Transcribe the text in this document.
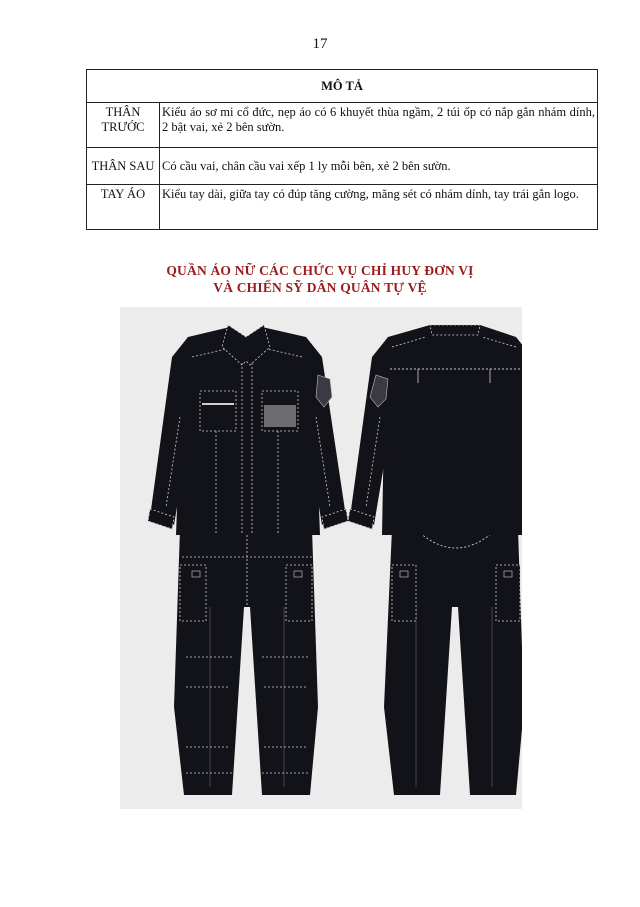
17
MÔ TẢ	
THÂN TRƯỚC	Kiểu áo sơ mi cổ đức, nẹp áo có 6 khuyết thùa ngầm, 2 túi ốp có nắp gắn nhám dính, 2 bật vai, xẻ 2 bên sườn.
THÂN SAU	Có cầu vai, chân cầu vai xếp 1 ly mỗi bên, xẻ 2 bên sườn.
TAY ÁO	Kiểu tay dài, giữa tay có đúp tăng cường, măng sét có nhám dính, tay trái gắn logo.
QUẦN ÁO NỮ CÁC CHỨC VỤ CHỈ HUY ĐƠN VỊ
VÀ CHIẾN SỸ DÂN QUÂN TỰ VỆ
